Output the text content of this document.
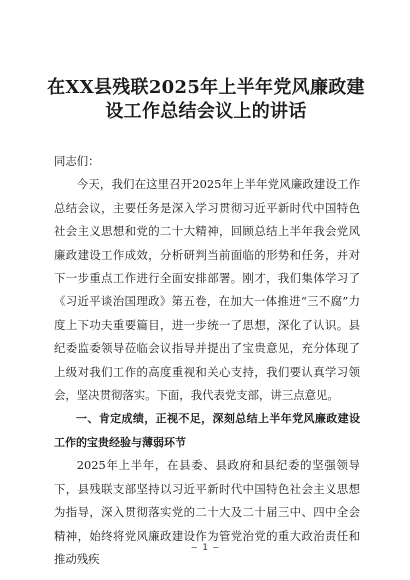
在XX县残联2025年上半年党风廉政建
设工作总结会议上的讲话

同志们：

今天，我们在这里召开2025年上半年党风廉政建设工作总结会议，主要任务是深入学习贯彻习近平新时代中国特色社会主义思想和党的二十大精神，回顾总结上半年我会党风廉政建设工作成效，分析研判当前面临的形势和任务，并对下一步重点工作进行全面安排部署。刚才，我们集体学习了《习近平谈治国理政》第五卷，在加大一体推进“三不腐”力度上下功夫重要篇目，进一步统一了思想，深化了认识。县纪委监委领导莅临会议指导并提出了宝贵意见，充分体现了上级对我们工作的高度重视和关心支持，我们要认真学习领会，坚决贯彻落实。下面，我代表党支部，讲三点意见。

一、肯定成绩，正视不足，深刻总结上半年党风廉政建设工作的宝贵经验与薄弱环节

2025年上半年，在县委、县政府和县纪委的坚强领导下，县残联支部坚持以习近平新时代中国特色社会主义思想为指导，深入贯彻落实党的二十大及二十届三中、四中全会精神，始终将党风廉政建设作为管党治党的重大政治责任和推动残疾

— 1 —
